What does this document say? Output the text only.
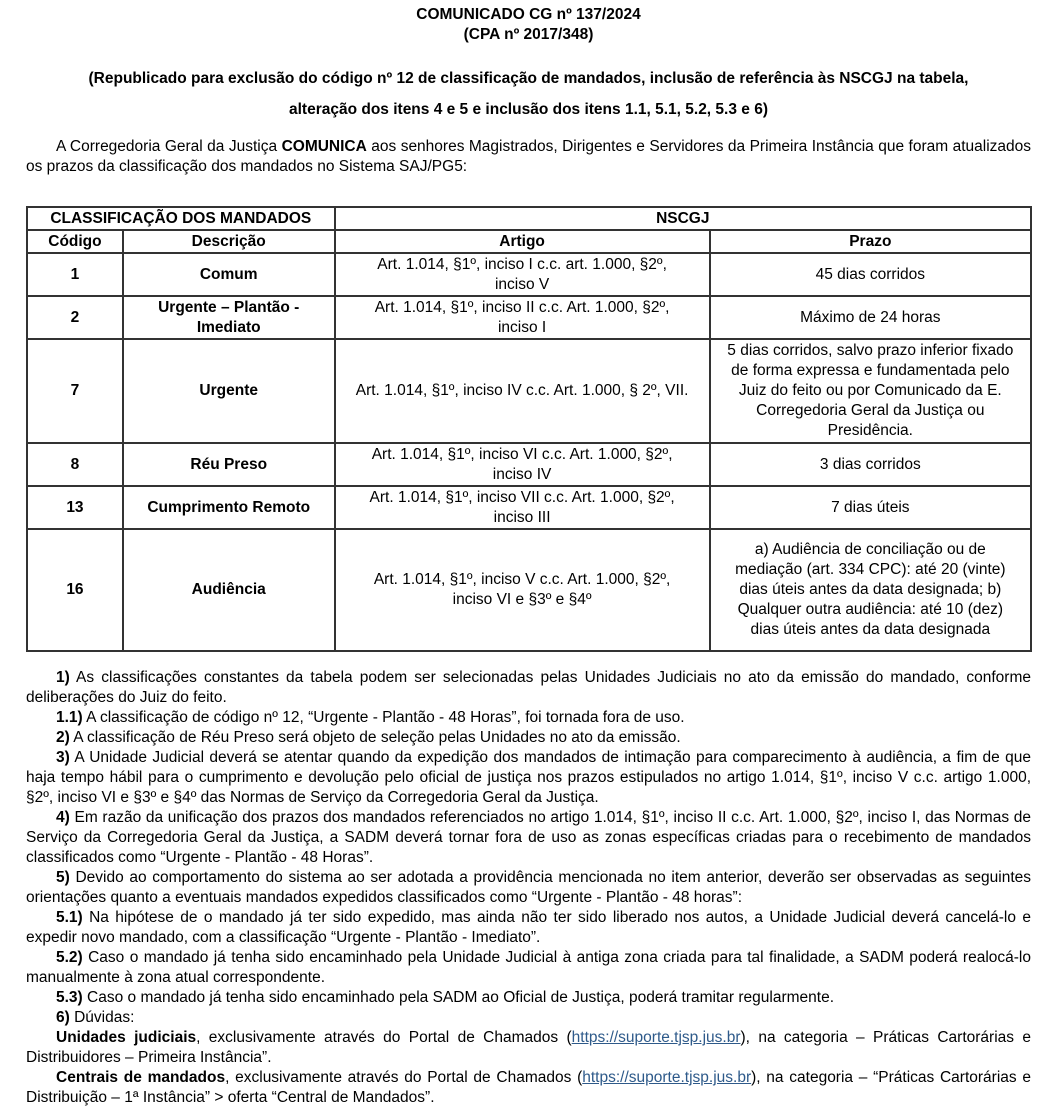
COMUNICADO CG nº 137/2024
(CPA nº 2017/348)
(Republicado para exclusão do código nº 12 de classificação de mandados, inclusão de referência às NSCGJ na tabela,
alteração dos itens 4 e 5 e inclusão dos itens 1.1, 5.1, 5.2, 5.3 e 6)

A Corregedoria Geral da Justiça COMUNICA aos senhores Magistrados, Dirigentes e Servidores da Primeira Instância que foram atualizados os prazos da classificação dos mandados no Sistema SAJ/PG5:

CLASSIFICAÇÃO DOS MANDADOS		NSCGJ	
Código	Descrição	Artigo	Prazo
1	Comum	Art. 1.014, §1º, inciso I c.c. art. 1.000, §2º, inciso V	45 dias corridos
2	Urgente – Plantão - Imediato	Art. 1.014, §1º, inciso II c.c. Art. 1.000, §2º, inciso I	Máximo de 24 horas
7	Urgente	Art. 1.014, §1º, inciso IV c.c. Art. 1.000, § 2º, VII.	5 dias corridos, salvo prazo inferior fixado de forma expressa e fundamentada pelo Juiz do feito ou por Comunicado da E. Corregedoria Geral da Justiça ou Presidência.
8	Réu Preso	Art. 1.014, §1º, inciso VI c.c. Art. 1.000, §2º, inciso IV	3 dias corridos
13	Cumprimento Remoto	Art. 1.014, §1º, inciso VII c.c. Art. 1.000, §2º, inciso III	7 dias úteis
16	Audiência	Art. 1.014, §1º, inciso V c.c. Art. 1.000, §2º, inciso VI e §3º e §4º	a) Audiência de conciliação ou de mediação (art. 334 CPC): até 20 (vinte) dias úteis antes da data designada; b) Qualquer outra audiência: até 10 (dez) dias úteis antes da data designada

1) As classificações constantes da tabela podem ser selecionadas pelas Unidades Judiciais no ato da emissão do mandado, conforme deliberações do Juiz do feito.

1.1) A classificação de código nº 12, “Urgente - Plantão - 48 Horas”, foi tornada fora de uso.

2) A classificação de Réu Preso será objeto de seleção pelas Unidades no ato da emissão.

3) A Unidade Judicial deverá se atentar quando da expedição dos mandados de intimação para comparecimento à audiência, a fim de que haja tempo hábil para o cumprimento e devolução pelo oficial de justiça nos prazos estipulados no artigo 1.014, §1º, inciso V c.c. artigo 1.000, §2º, inciso VI e §3º e §4º das Normas de Serviço da Corregedoria Geral da Justiça.

4) Em razão da unificação dos prazos dos mandados referenciados no artigo 1.014, §1º, inciso II c.c. Art. 1.000, §2º, inciso I, das Normas de Serviço da Corregedoria Geral da Justiça, a SADM deverá tornar fora de uso as zonas específicas criadas para o recebimento de mandados classificados como “Urgente - Plantão - 48 Horas”.

5) Devido ao comportamento do sistema ao ser adotada a providência mencionada no item anterior, deverão ser observadas as seguintes orientações quanto a eventuais mandados expedidos classificados como “Urgente - Plantão - 48 horas”:

5.1) Na hipótese de o mandado já ter sido expedido, mas ainda não ter sido liberado nos autos, a Unidade Judicial deverá cancelá-lo e expedir novo mandado, com a classificação “Urgente - Plantão - Imediato”.

5.2) Caso o mandado já tenha sido encaminhado pela Unidade Judicial à antiga zona criada para tal finalidade, a SADM poderá realocá-lo manualmente à zona atual correspondente.

5.3) Caso o mandado já tenha sido encaminhado pela SADM ao Oficial de Justiça, poderá tramitar regularmente.

6) Dúvidas:

Unidades judiciais, exclusivamente através do Portal de Chamados (https://suporte.tjsp.jus.br), na categoria – Práticas Cartorárias e Distribuidores – Primeira Instância”.

Centrais de mandados, exclusivamente através do Portal de Chamados (https://suporte.tjsp.jus.br), na categoria – “Práticas Cartorárias e Distribuição – 1ª Instância” > oferta “Central de Mandados”.
